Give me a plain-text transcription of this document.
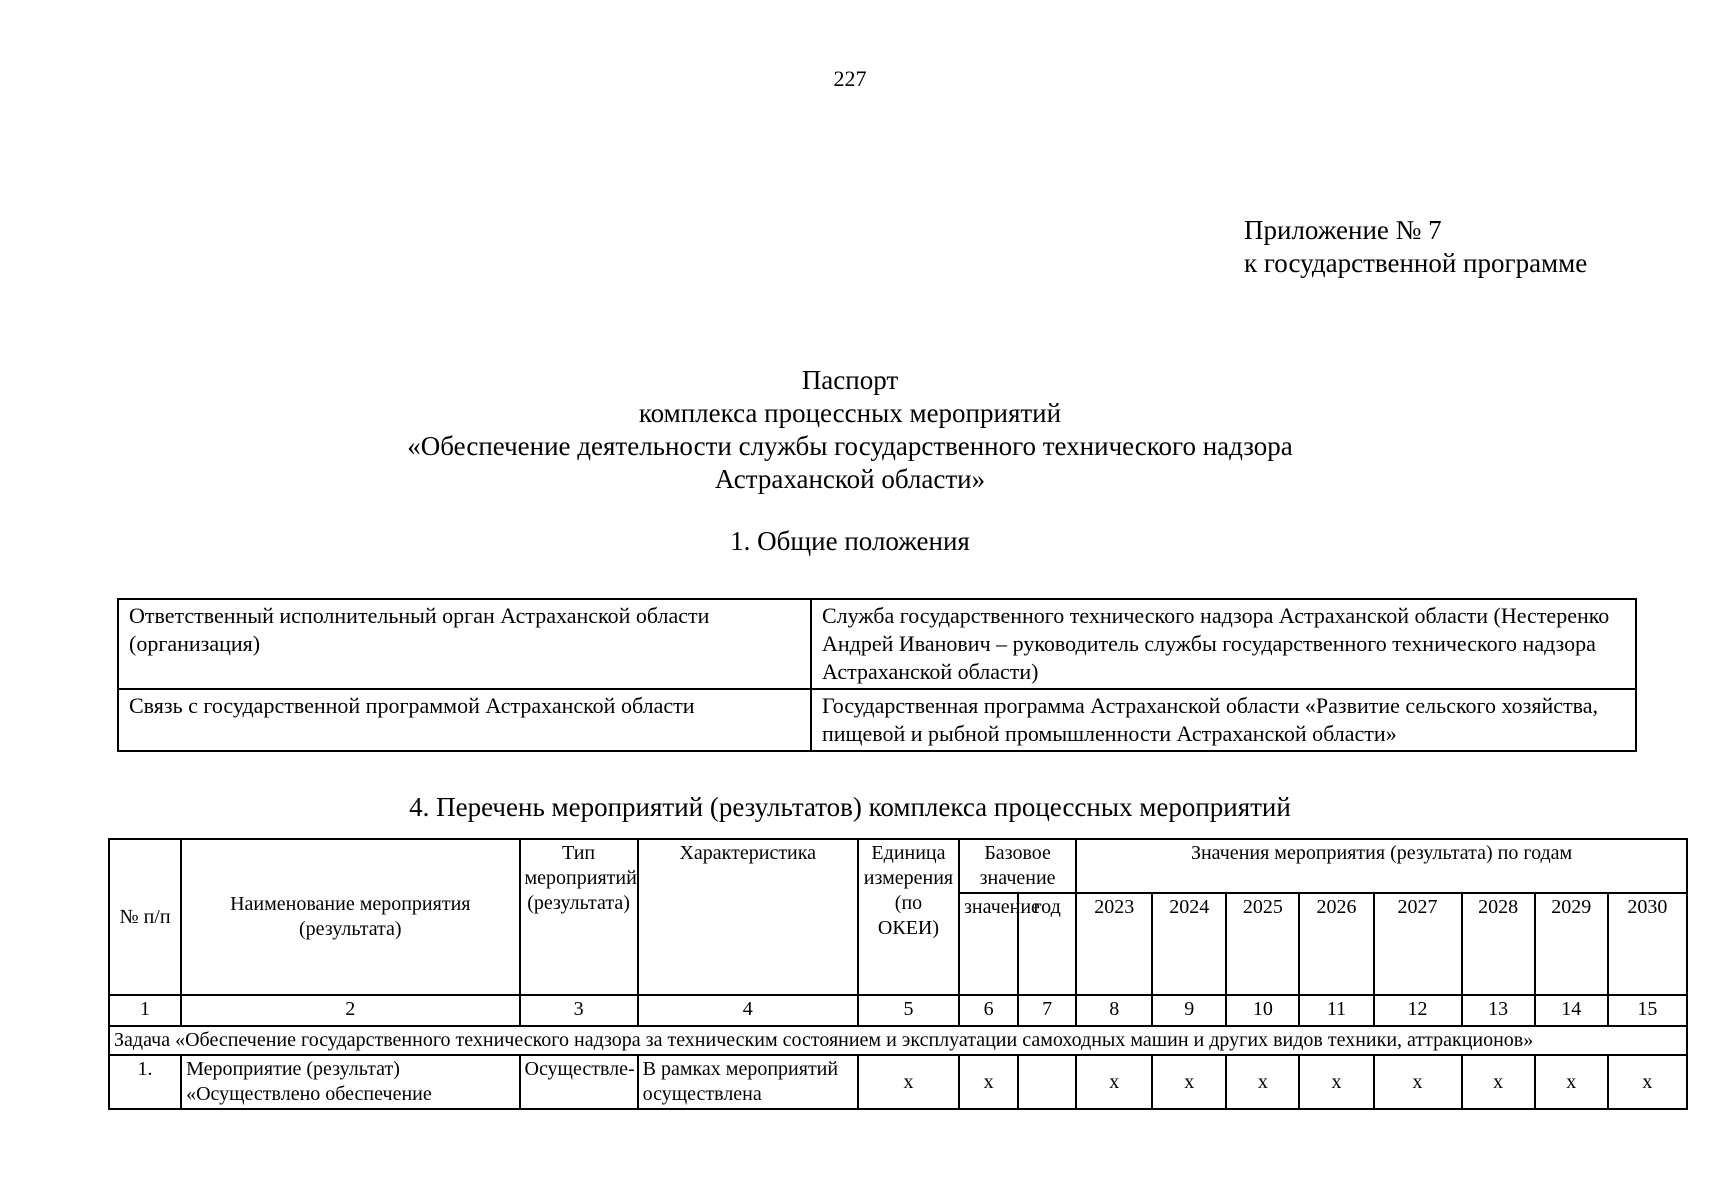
227
Приложение № 7
к государственной программе
Паспорт
комплекса процессных мероприятий
«Обеспечение деятельности службы государственного технического надзора
Астраханской области»
1. Общие положения
Ответственный исполнительный орган Астраханской области (организация)	Служба государственного технического надзора Астраханской области (Нестеренко Андрей Иванович – руководитель службы государственного технического надзора Астраханской области)
Связь с государственной программой Астраханской области	Государственная программа Астраханской области «Развитие сельского хозяйства, пищевой и рыбной промышленности Астраханской области»
4. Перечень мероприятий (результатов) комплекса процессных мероприятий
№ п/п	Наименование мероприятия (результата)	Тип мероприятий (результата)	Характеристика	Единица измерения (по ОКЕИ)	Базовое значение		Значения мероприятия (результата) по годам							
					значение	год	2023	2024	2025	2026	2027	2028	2029	2030
1	2	3	4	5	6	7	8	9	10	11	12	13	14	15
Задача «Обеспечение государственного технического надзора за техническим состоянием и эксплуатации самоходных машин и других видов техники, аттракционов»														
1.	Мероприятие (результат) «Осуществлено обеспечение	Осуществле-	В рамках мероприятий осуществлена	x	x		x	x	x	x	x	x	x	x
